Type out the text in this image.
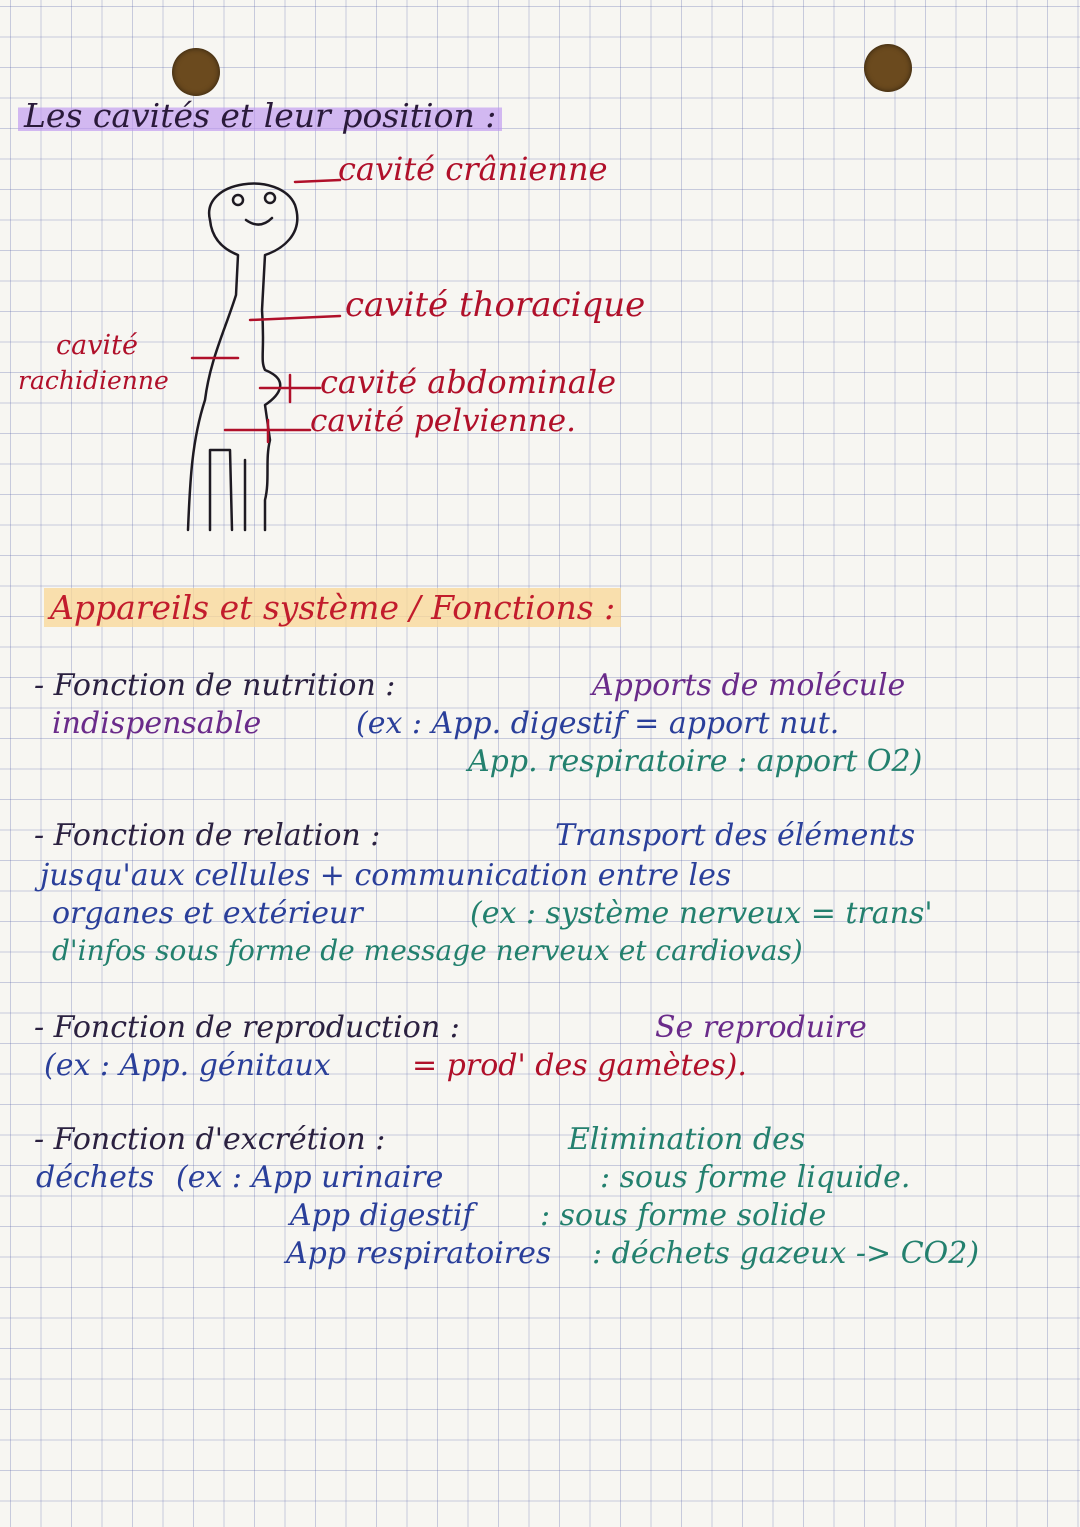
Les cavités et leur position :
cavité crânienne
cavité thoracique
cavité
rachidienne	cavité abdominale
cavité pelvienne.
Appareils et système / Fonctions :
- Fonction de nutrition :	Apports de molécule
indispensable	(ex : App. digestif = apport nut.
App. respiratoire : apport O2)
- Fonction de relation :	Transport des éléments
jusqu'aux cellules + communication entre les
organes et extérieur	(ex : système nerveux = trans'
d'infos sous forme de message nerveux et cardiovas)
- Fonction de reproduction :	Se reproduire
(ex : App. génitaux	= prod' des gamètes).
- Fonction d'excrétion :	Elimination des
déchets (ex : App urinaire	: sous forme liquide.
App digestif : sous forme solide
App respiratoires : déchets gazeux -> CO2)
